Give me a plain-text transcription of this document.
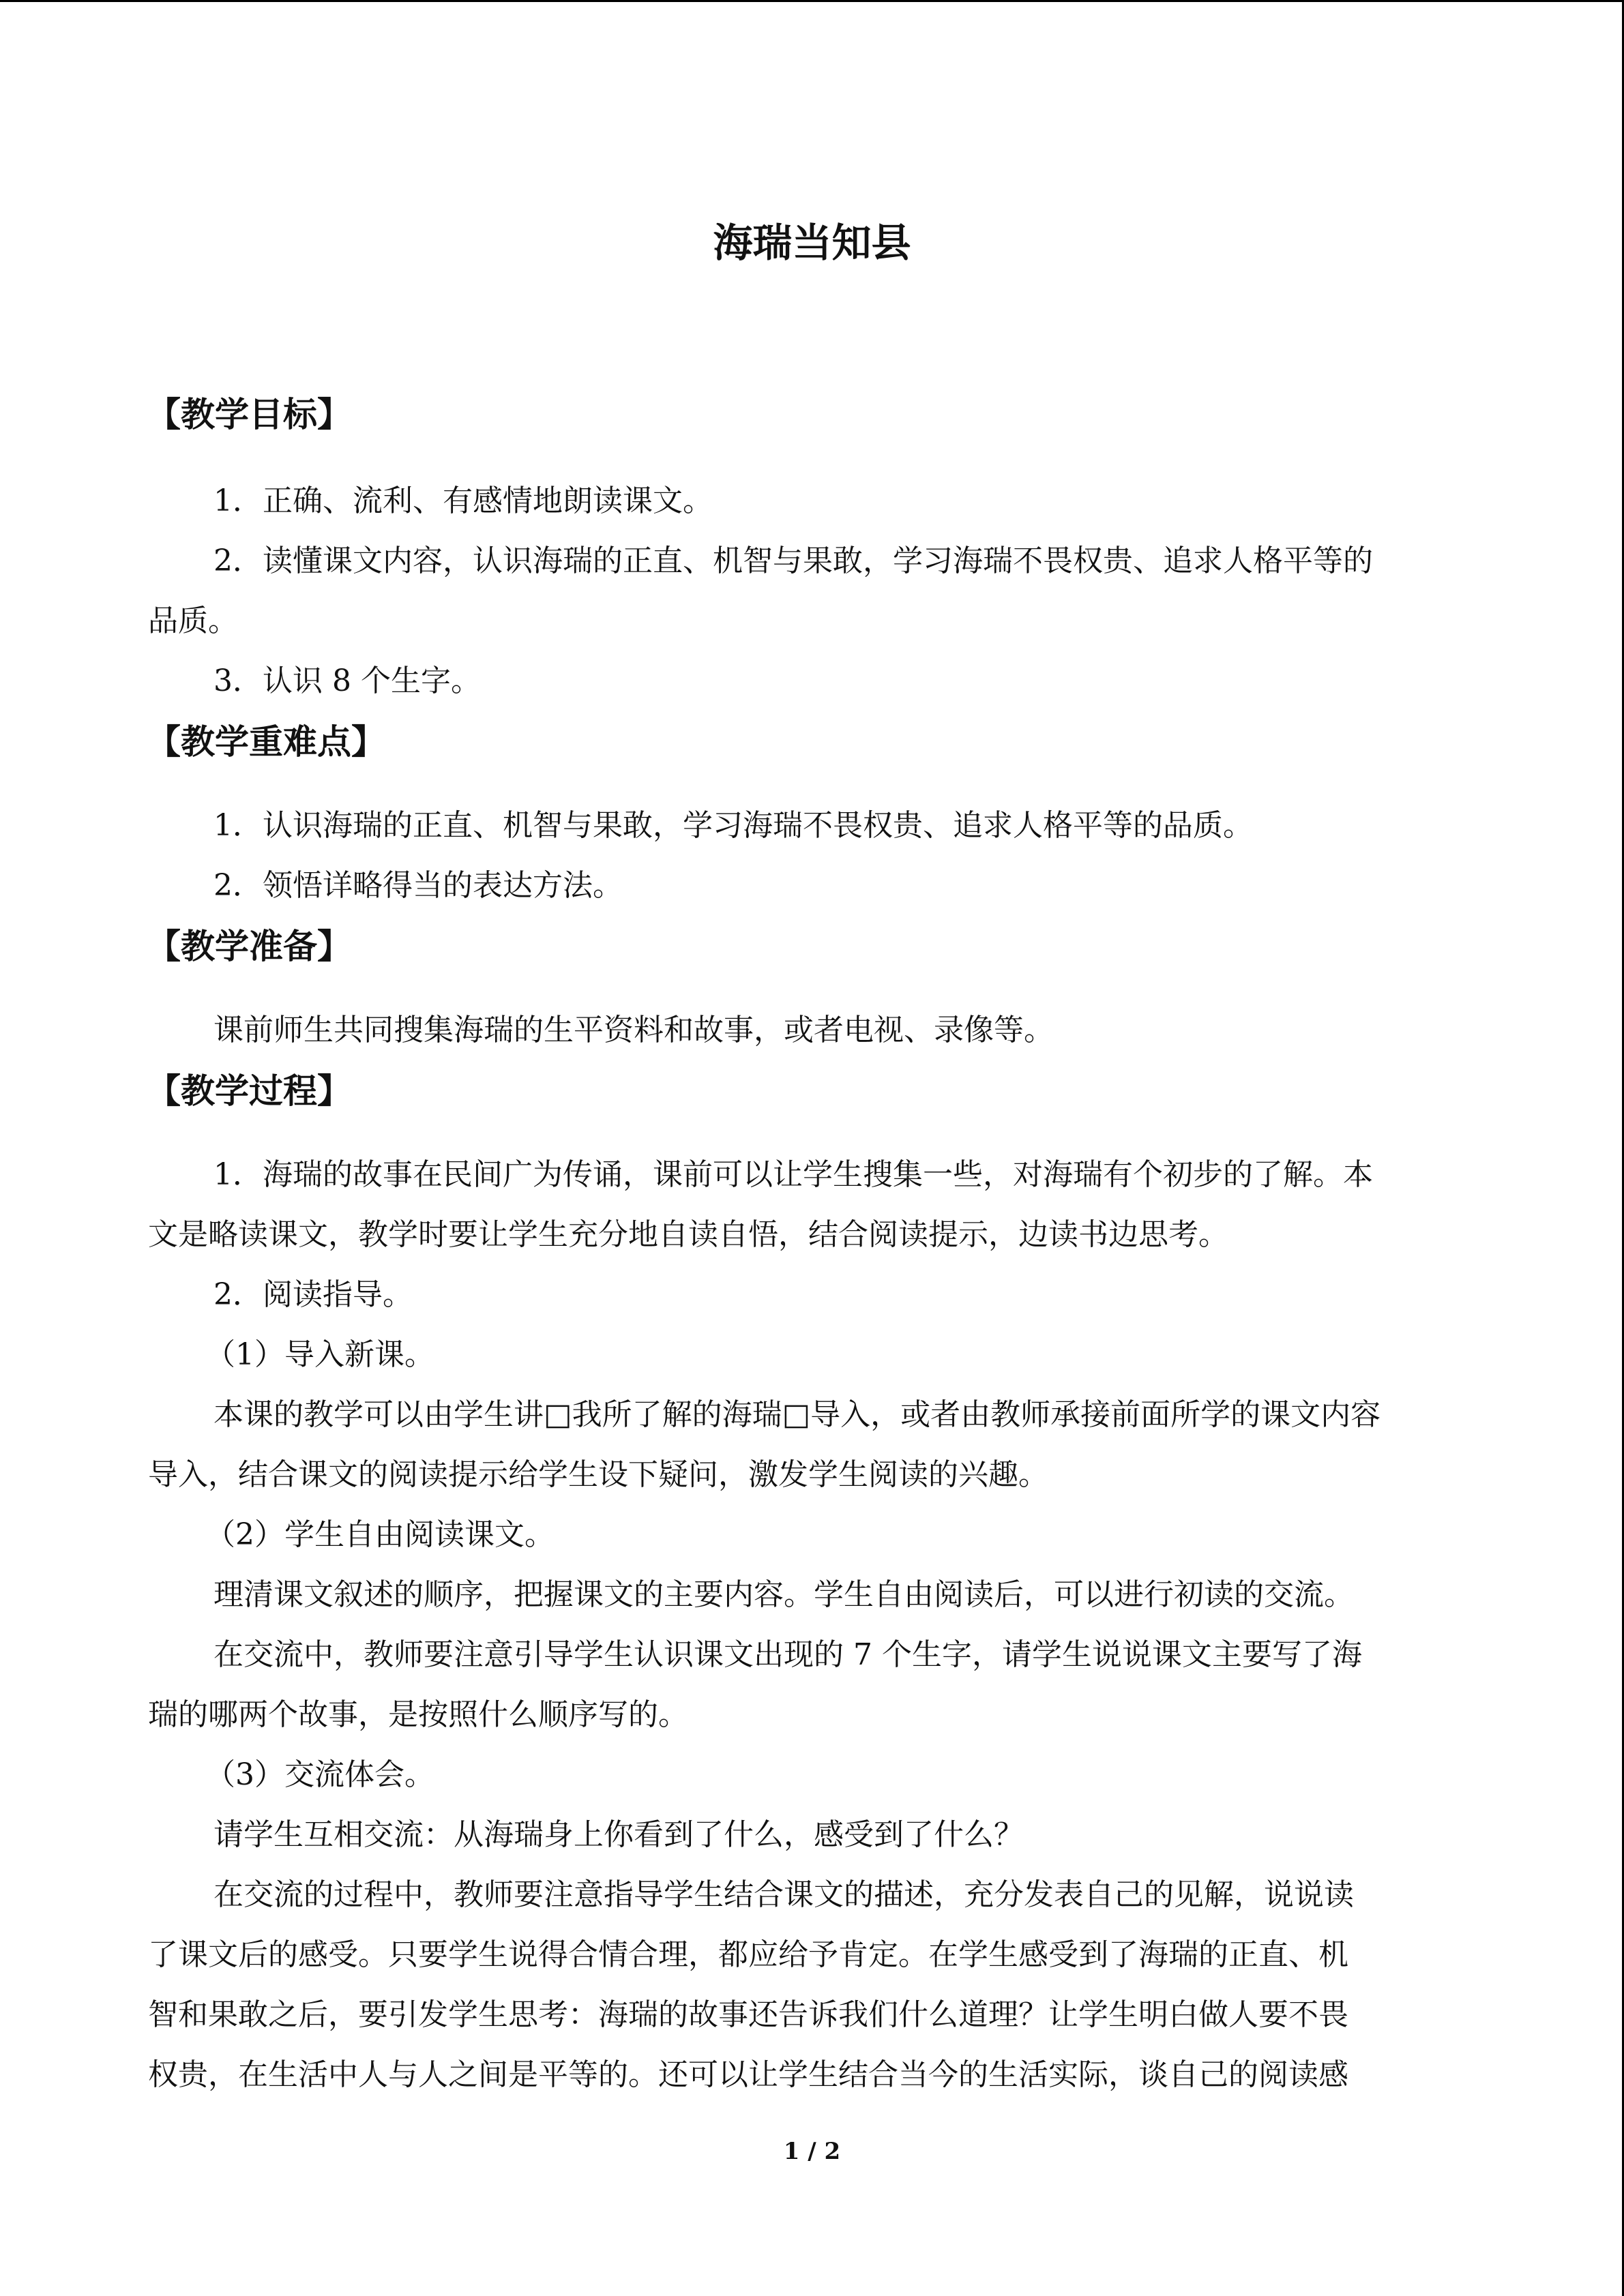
海瑞当知县
【教学目标】

1．正确、流利、有感情地朗读课文。

2．读懂课文内容，认识海瑞的正直、机智与果敢，学习海瑞不畏权贵、追求人格平等的

品质。

3．认识 8 个生字。

【教学重难点】

1．认识海瑞的正直、机智与果敢，学习海瑞不畏权贵、追求人格平等的品质。

2．领悟详略得当的表达方法。

【教学准备】

课前师生共同搜集海瑞的生平资料和故事，或者电视、录像等。

【教学过程】

1．海瑞的故事在民间广为传诵，课前可以让学生搜集一些，对海瑞有个初步的了解。本

文是略读课文，教学时要让学生充分地自读自悟，结合阅读提示，边读书边思考。

2．阅读指导。

（1）导入新课。

本课的教学可以由学生讲□我所了解的海瑞□导入，或者由教师承接前面所学的课文内容

导入，结合课文的阅读提示给学生设下疑问，激发学生阅读的兴趣。

（2）学生自由阅读课文。

理清课文叙述的顺序，把握课文的主要内容。学生自由阅读后，可以进行初读的交流。

在交流中，教师要注意引导学生认识课文出现的 7 个生字，请学生说说课文主要写了海

瑞的哪两个故事，是按照什么顺序写的。

（3）交流体会。

请学生互相交流：从海瑞身上你看到了什么，感受到了什么？

在交流的过程中，教师要注意指导学生结合课文的描述，充分发表自己的见解，说说读

了课文后的感受。只要学生说得合情合理，都应给予肯定。在学生感受到了海瑞的正直、机

智和果敢之后，要引发学生思考：海瑞的故事还告诉我们什么道理？让学生明白做人要不畏

权贵，在生活中人与人之间是平等的。还可以让学生结合当今的生活实际，谈自己的阅读感

1 / 2
